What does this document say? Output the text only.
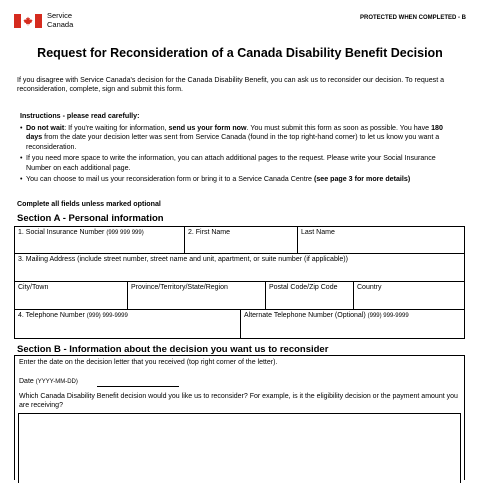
Service
Canada
PROTECTED WHEN COMPLETED - B
Request for Reconsideration of a Canada Disability Benefit Decision
If you disagree with Service Canada's decision for the Canada Disability Benefit, you can ask us to reconsider our decision. To request a reconsideration, complete, sign and submit this form.
Instructions - please read carefully:
• Do not wait: If you're waiting for information, send us your form now. You must submit this form as soon as possible. You have 180 days from the date your decision letter was sent from Service Canada (found in the top right-hand corner) to let us know you want a reconsideration.
• If you need more space to write the information, you can attach additional pages to the request. Please write your Social Insurance Number on each additional page.
• You can choose to mail us your reconsideration form or bring it to a Service Canada Centre (see page 3 for more details)
Complete all fields unless marked optional
Section A - Personal information
1. Social Insurance Number (999 999 999)	2. First Name	Last Name
3. Mailing Address (include street number, street name and unit, apartment, or suite number (if applicable))
City/Town	Province/Territory/State/Region	Postal Code/Zip Code	Country
4. Telephone Number (999) 999-9999	Alternate Telephone Number (Optional) (999) 999-9999
Section B - Information about the decision you want us to reconsider
Enter the date on the decision letter that you received (top right corner of the letter).
Date (YYYY-MM-DD)
Which Canada Disability Benefit decision would you like us to reconsider? For example, is it the eligibility decision or the payment amount you are receiving?
